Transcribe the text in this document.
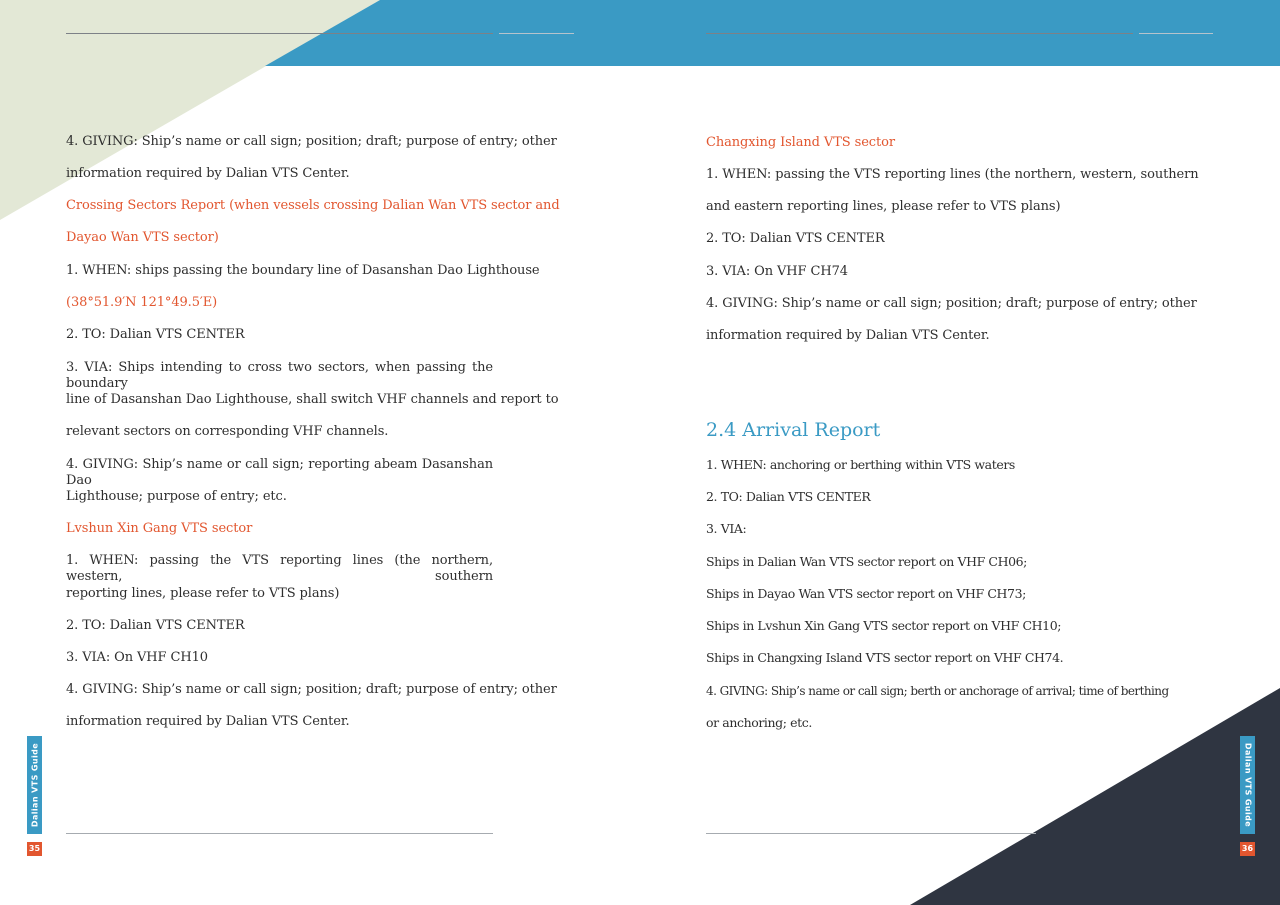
4. GIVING: Ship’s name or call sign; position; draft; purpose of entry; other
information required by Dalian VTS Center.
Crossing Sectors Report (when vessels crossing Dalian Wan VTS sector and
Dayao Wan VTS sector)
1. WHEN: ships passing the boundary line of Dasanshan Dao Lighthouse
(38°51.9′N 121°49.5′E)
2. TO: Dalian VTS CENTER
3. VIA: Ships intending to cross two sectors, when passing the boundary
line of Dasanshan Dao Lighthouse, shall switch VHF channels and report to
relevant sectors on corresponding VHF channels.
4. GIVING: Ship’s name or call sign; reporting abeam Dasanshan Dao
Lighthouse; purpose of entry; etc.
Lvshun Xin Gang VTS sector
1. WHEN: passing the VTS reporting lines (the northern, western, southern
reporting lines, please refer to VTS plans)
2. TO: Dalian VTS CENTER
3. VIA: On VHF CH10
4. GIVING: Ship’s name or call sign; position; draft; purpose of entry; other
information required by Dalian VTS Center.
Dalian VTS Guide
35
Changxing Island VTS sector
1. WHEN: passing the VTS reporting lines (the northern, western, southern
and eastern reporting lines, please refer to VTS plans)
2. TO: Dalian VTS CENTER
3. VIA: On VHF CH74
4. GIVING: Ship’s name or call sign; position; draft; purpose of entry; other
information required by Dalian VTS Center.
2.4 Arrival Report
1. WHEN: anchoring or berthing within VTS waters
2. TO: Dalian VTS CENTER
3. VIA:
Ships in Dalian Wan VTS sector report on VHF CH06;
Ships in Dayao Wan VTS sector report on VHF CH73;
Ships in Lvshun Xin Gang VTS sector report on VHF CH10;
Ships in Changxing Island VTS sector report on VHF CH74.
4. GIVING: Ship’s name or call sign; berth or anchorage of arrival; time of berthing
or anchoring; etc.
Dalian VTS Guide
36
